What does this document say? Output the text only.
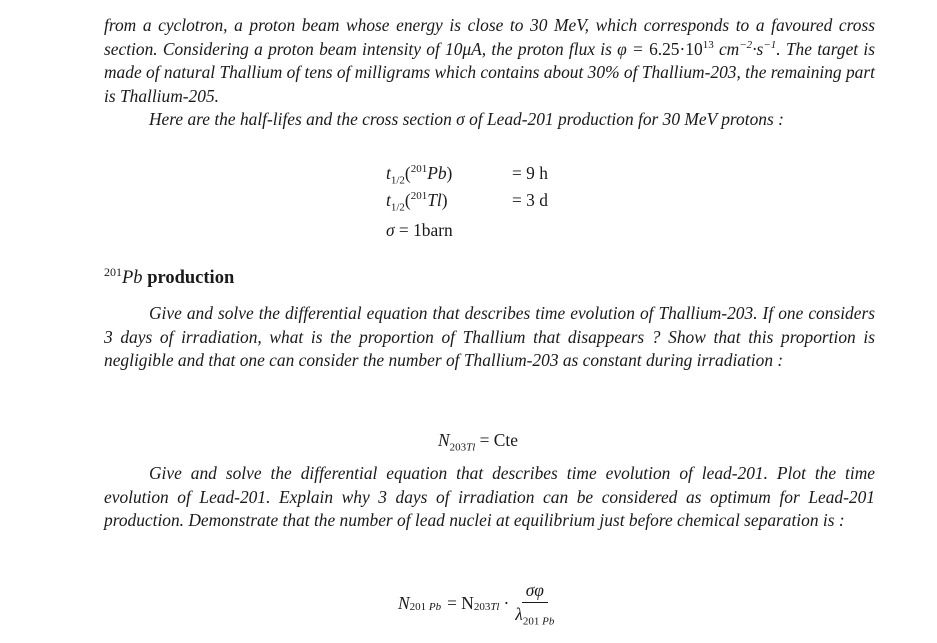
from a cyclotron, a proton beam whose energy is close to 30 MeV, which corresponds to a favoured cross section. Considering a proton beam intensity of 10μA, the proton flux is $\varphi = 6.25\cdot 10^{13}$ $cm^{-2}\cdot s^{-1}$. The target is made of natural Thallium of tens of milligrams which contains about 30% of Thallium-203, the remaining part is Thallium-205.

Here are the half-lifes and the cross section σ of Lead-201 production for 30 MeV protons :

$t_{1/2}(^{201}Pb)$	= 9 h
$t_{1/2}(^{201}Tl)$	= 3 d
σ = 1barn
$^{201}$Pb production

Give and solve the differential equation that describes time evolution of Thallium-203. If one considers 3 days of irradiation, what is the proportion of Thallium that disappears ? Show that this proportion is negligible and that one can consider the number of Thallium-203 as constant during irradiation :

$N_{203Tl}$ = Cte

Give and solve the differential equation that describes time evolution of lead-201. Plot the time evolution of Lead-201. Explain why 3 days of irradiation can be considered as optimum for Lead-201 production. Demonstrate that the number of lead nuclei at equilibrium just before chemical separation is :

N $_{201 Pb}$ = N $_{203Tl} \cdot \frac{\sigma\varphi}{\lambda_{201 Pb}}$
